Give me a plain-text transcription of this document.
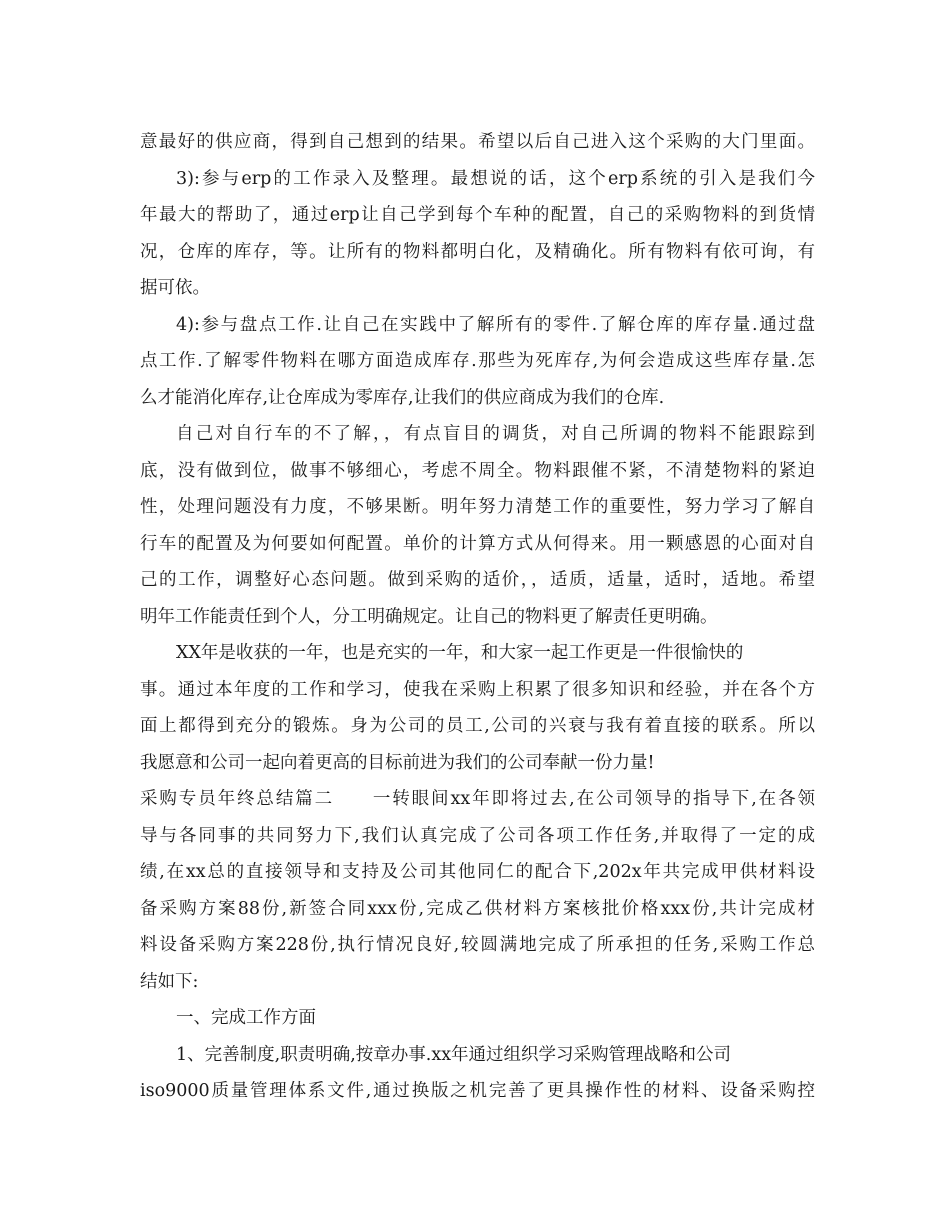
意最好的供应商，得到自己想到的结果。希望以后自己进入这个采购的大门里面。
3):参与erp的工作录入及整理。最想说的话，这个erp系统的引入是我们今
年最大的帮助了，通过erp让自己学到每个车种的配置，自己的采购物料的到货情
况，仓库的库存，等。让所有的物料都明白化，及精确化。所有物料有依可询，有
据可依。
4):参与盘点工作.让自己在实践中了解所有的零件.了解仓库的库存量.通过盘
点工作.了解零件物料在哪方面造成库存.那些为死库存,为何会造成这些库存量.怎
么才能消化库存,让仓库成为零库存,让我们的供应商成为我们的仓库.
自己对自行车的不了解，，有点盲目的调货，对自己所调的物料不能跟踪到
底，没有做到位，做事不够细心，考虑不周全。物料跟催不紧，不清楚物料的紧迫
性，处理问题没有力度，不够果断。明年努力清楚工作的重要性，努力学习了解自
行车的配置及为何要如何配置。单价的计算方式从何得来。用一颗感恩的心面对自
己的工作，调整好心态问题。做到采购的适价，，适质，适量，适时，适地。希望
明年工作能责任到个人，分工明确规定。让自己的物料更了解责任更明确。
XX年是收获的一年，也是充实的一年，和大家一起工作更是一件很愉快的
事。通过本年度的工作和学习，使我在采购上积累了很多知识和经验，并在各个方
面上都得到充分的锻炼。身为公司的员工,公司的兴衰与我有着直接的联系。所以
我愿意和公司一起向着更高的目标前进为我们的公司奉献一份力量!
采购专员年终总结篇二　　一转眼间xx年即将过去,在公司领导的指导下,在各领
导与各同事的共同努力下,我们认真完成了公司各项工作任务,并取得了一定的成
绩,在xx总的直接领导和支持及公司其他同仁的配合下,202x年共完成甲供材料设
备采购方案88份,新签合同xxx份,完成乙供材料方案核批价格xxx份,共计完成材
料设备采购方案228份,执行情况良好,较圆满地完成了所承担的任务,采购工作总
结如下:
一、完成工作方面
1、完善制度,职责明确,按章办事.xx年通过组织学习采购管理战略和公司
iso9000质量管理体系文件,通过换版之机完善了更具操作性的材料、设备采购控
